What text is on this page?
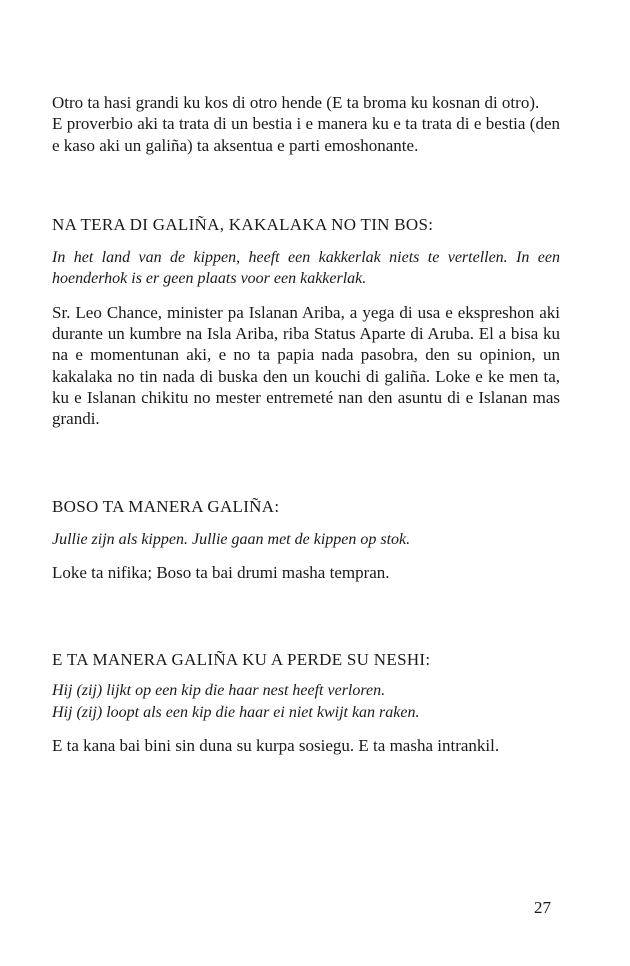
Otro ta hasi grandi ku kos di otro hende (E ta broma ku kosnan di otro).

E proverbio aki ta trata di un bestia i e manera ku e ta trata di e bestia (den e kaso aki un galiña) ta aksentua e parti emoshonante.

NA TERA DI GALIÑA, KAKALAKA NO TIN BOS:

In het land van de kippen, heeft een kakkerlak niets te vertellen. In een hoenderhok is er geen plaats voor een kakkerlak.

Sr. Leo Chance, minister pa Islanan Ariba, a yega di usa e ekspreshon aki durante un kumbre na Isla Ariba, riba Status Aparte di Aruba. El a bisa ku na e momentunan aki, e no ta papia nada pasobra, den su opinion, un kakalaka no tin nada di buska den un kouchi di galiña. Loke e ke men ta, ku e Islanan chikitu no mester entremeté nan den asuntu di e Islanan mas grandi.

BOSO TA MANERA GALIÑA:

Jullie zijn als kippen. Jullie gaan met de kippen op stok.

Loke ta nifika; Boso ta bai drumi masha tempran.

E TA MANERA GALIÑA KU A PERDE SU NESHI:

Hij (zij) lijkt op een kip die haar nest heeft verloren.

Hij (zij) loopt als een kip die haar ei niet kwijt kan raken.

E ta kana bai bini sin duna su kurpa sosiegu. E ta masha intrankil.

27
